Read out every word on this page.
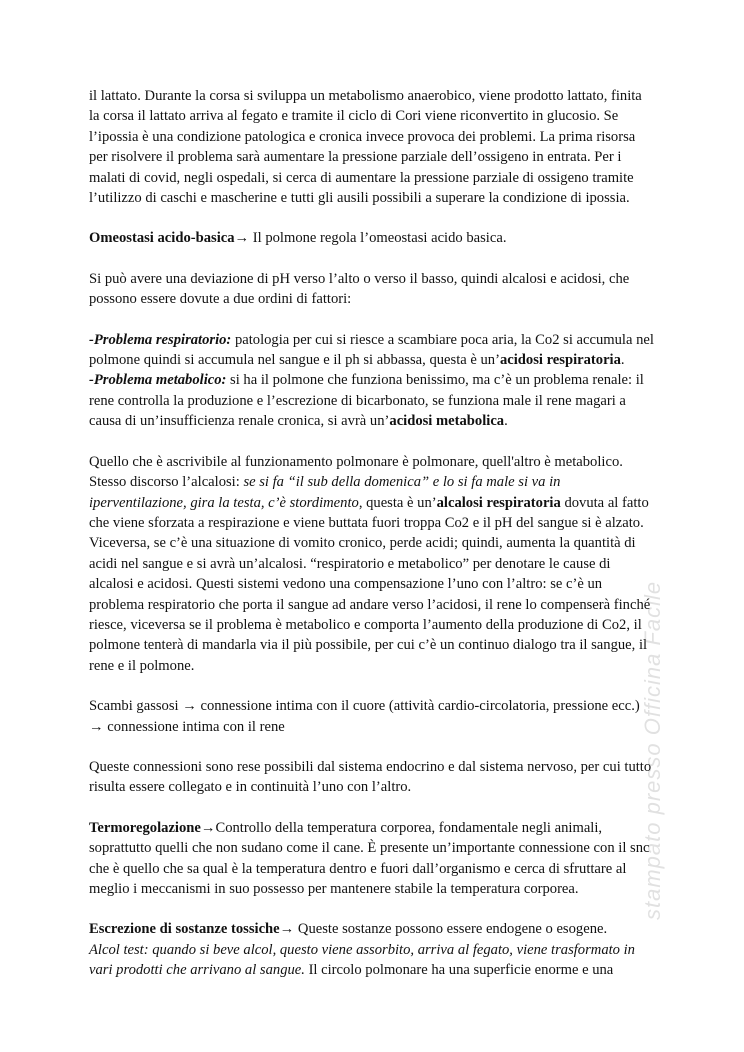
il lattato. Durante la corsa si sviluppa un metabolismo anaerobico, viene prodotto lattato, finita la corsa il lattato arriva al fegato e tramite il ciclo di Cori viene riconvertito in glucosio. Se l’ipossia è una condizione patologica e cronica invece provoca dei problemi. La prima risorsa per risolvere il problema sarà aumentare la pressione parziale dell’ossigeno in entrata. Per i malati di covid, negli ospedali, si cerca di aumentare la pressione parziale di ossigeno tramite l’utilizzo di caschi e mascherine e tutti gli ausili possibili a superare la condizione di ipossia.

Omeostasi acido-basica→ Il polmone regola l’omeostasi acido basica.

Si può avere una deviazione di pH verso l’alto o verso il basso, quindi alcalosi e acidosi, che possono essere dovute a due ordini di fattori:

-Problema respiratorio: patologia per cui si riesce a scambiare poca aria, la Co2 si accumula nel polmone quindi si accumula nel sangue e il ph si abbassa, questa è un’acidosi respiratoria.

-Problema metabolico: si ha il polmone che funziona benissimo, ma c’è un problema renale: il rene controlla la produzione e l’escrezione di bicarbonato, se funziona male il rene magari a causa di un’insufficienza renale cronica, si avrà un’acidosi metabolica.

Quello che è ascrivibile al funzionamento polmonare è polmonare, quell'altro è metabolico. Stesso discorso l’alcalosi: se si fa “il sub della domenica” e lo si fa male si va in iperventilazione, gira la testa, c’è stordimento, questa è un’alcalosi respiratoria dovuta al fatto che viene sforzata a respirazione e viene buttata fuori troppa Co2 e il pH del sangue si è alzato. Viceversa, se c’è una situazione di vomito cronico, perde acidi; quindi, aumenta la quantità di acidi nel sangue e si avrà un’alcalosi. “respiratorio e metabolico” per denotare le cause di alcalosi e acidosi. Questi sistemi vedono una compensazione l’uno con l’altro: se c’è un problema respiratorio che porta il sangue ad andare verso l’acidosi, il rene lo compenserà finché riesce, viceversa se il problema è metabolico e comporta l’aumento della produzione di Co2, il polmone tenterà di mandarla via il più possibile, per cui c’è un continuo dialogo tra il sangue, il rene e il polmone.

Scambi gassosi → connessione intima con il cuore (attività cardio-circolatoria, pressione ecc.) → connessione intima con il rene

Queste connessioni sono rese possibili dal sistema endocrino e dal sistema nervoso, per cui tutto risulta essere collegato e in continuità l’uno con l’altro.

Termoregolazione→Controllo della temperatura corporea, fondamentale negli animali, soprattutto quelli che non sudano come il cane. È presente un’importante connessione con il snc che è quello che sa qual è la temperatura dentro e fuori dall’organismo e cerca di sfruttare al meglio i meccanismi in suo possesso per mantenere stabile la temperatura corporea.

Escrezione di sostanze tossiche→ Queste sostanze possono essere endogene o esogene.

Alcol test: quando si beve alcol, questo viene assorbito, arriva al fegato, viene trasformato in vari prodotti che arrivano al sangue. Il circolo polmonare ha una superficie enorme e una

stampato presso Officina Facile
